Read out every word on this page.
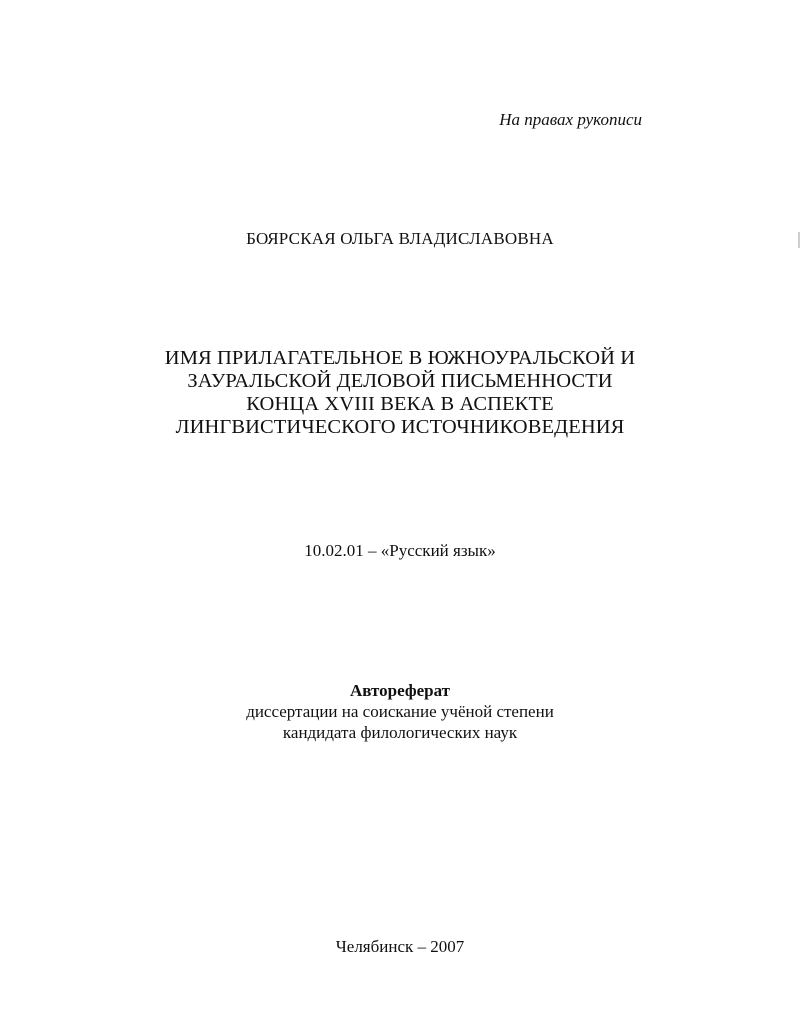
На правах рукописи
БОЯРСКАЯ ОЛЬГА ВЛАДИСЛАВОВНА
ИМЯ ПРИЛАГАТЕЛЬНОЕ В ЮЖНОУРАЛЬСКОЙ И
ЗАУРАЛЬСКОЙ ДЕЛОВОЙ ПИСЬМЕННОСТИ
КОНЦА XVIII ВЕКА В АСПЕКТЕ
ЛИНГВИСТИЧЕСКОГО ИСТОЧНИКОВЕДЕНИЯ
10.02.01 – «Русский язык»
Автореферат
диссертации на соискание учёной степени
кандидата филологических наук
Челябинск – 2007
